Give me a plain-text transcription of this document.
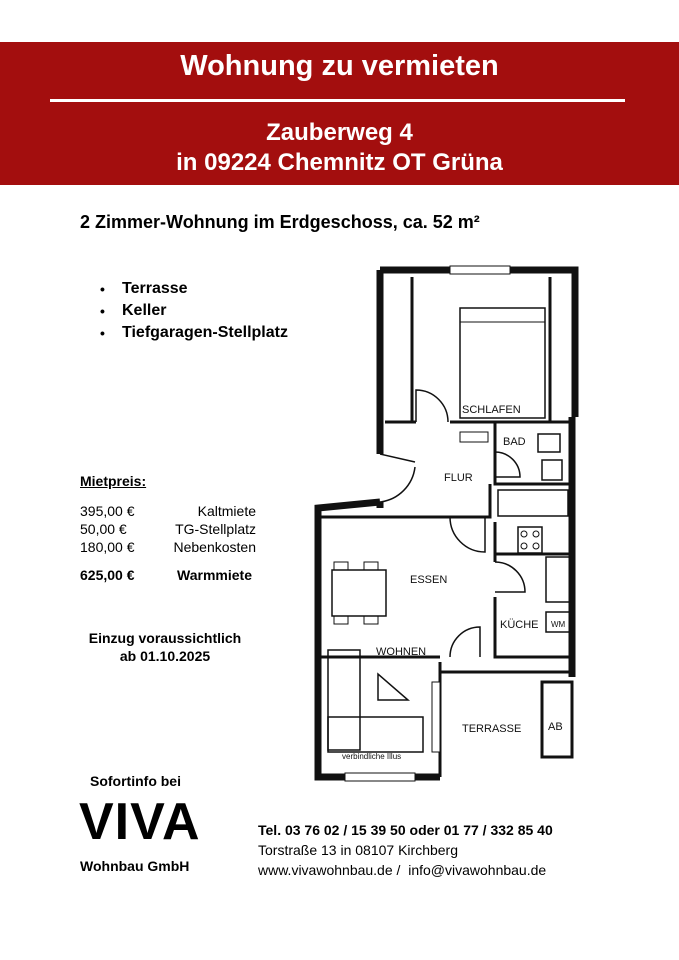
Wohnung zu vermieten
Zauberweg 4
in 09224 Chemnitz OT Grüna
2 Zimmer-Wohnung im Erdgeschoss, ca. 52 m²
• Terrasse
• Keller
• Tiefgaragen-Stellplatz
Mietpreis:
395,00 €	Kaltmiete
50,00 €	TG-Stellplatz
180,00 €	Nebenkosten
625,00 €	Warmmiete
Einzug voraussichtlich
ab 01.10.2025
SCHLAFEN
BAD
FLUR
ESSEN
KÜCHE WM
WOHNEN
TERRASSE AB
verbindliche Illus
Sofortinfo bei
VIVA
Wohnbau GmbH
Tel. 03 76 02 / 15 39 50 oder 01 77 / 332 85 40
Torstraße 13 in 08107 Kirchberg
www.vivawohnbau.de /  info@vivawohnbau.de
